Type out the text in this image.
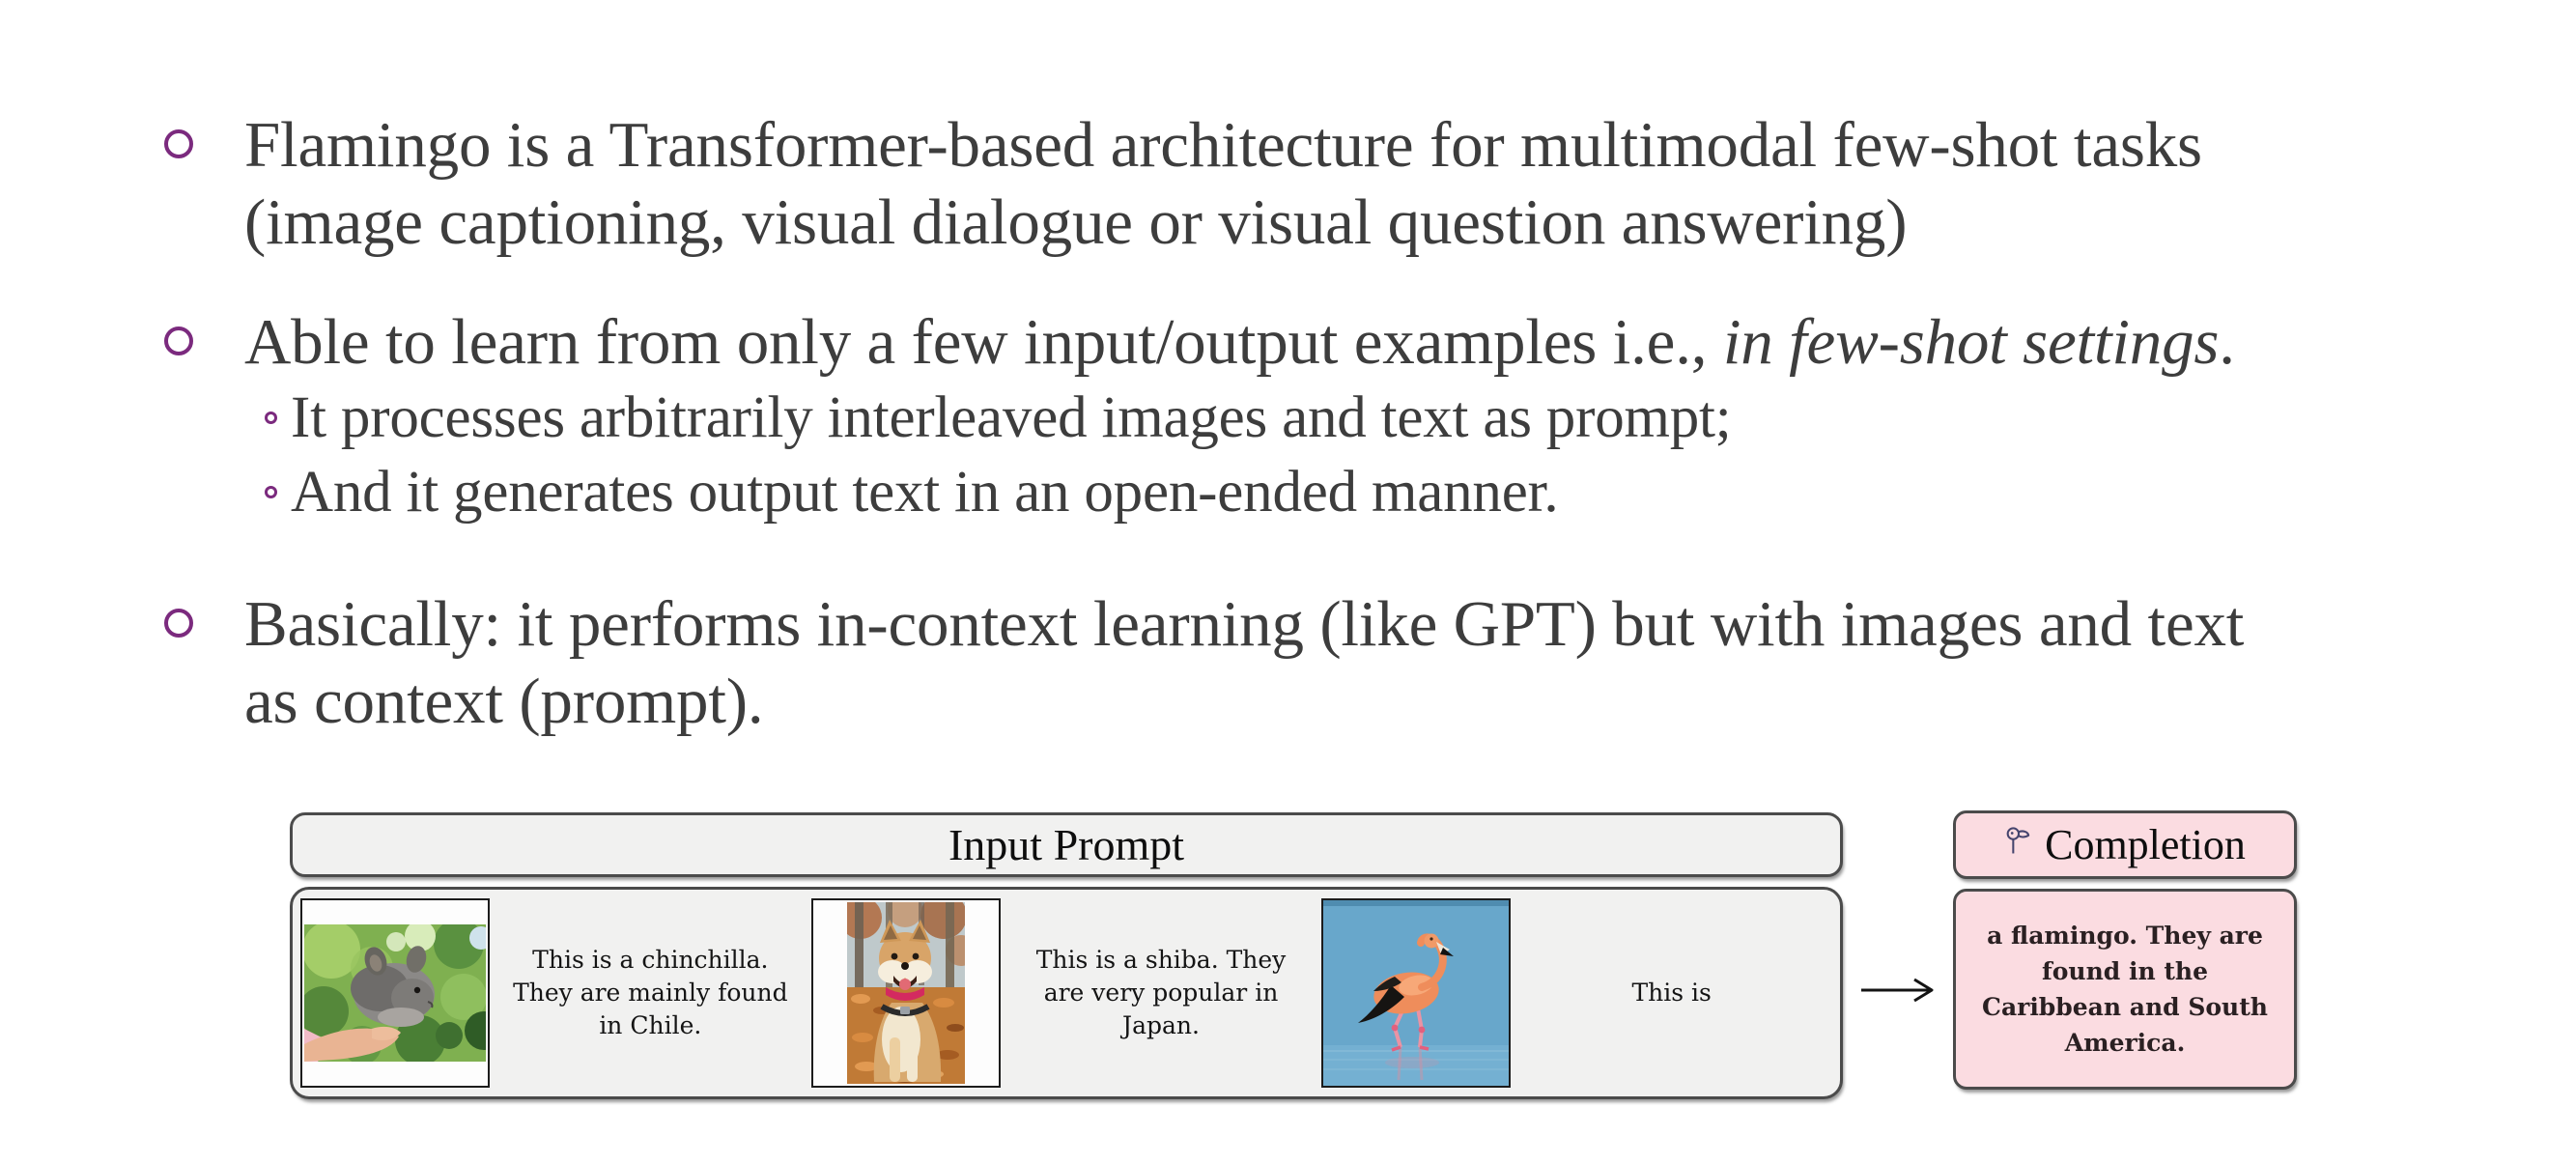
Flamingo is a Transformer-based architecture for multimodal few-shot tasks
(image captioning, visual dialogue or visual question answering)
Able to learn from only a few input/output examples i.e., in few-shot settings.
It processes arbitrarily interleaved images and text as prompt;
And it generates output text in an open-ended manner.
Basically: it performs in-context learning (like GPT) but with images and text
as context (prompt).
Input Prompt
This is a chinchilla. They are mainly found in Chile.
This is a shiba. They are very popular in Japan.
This is
Completion
a flamingo. They are found in the Caribbean and South America.
